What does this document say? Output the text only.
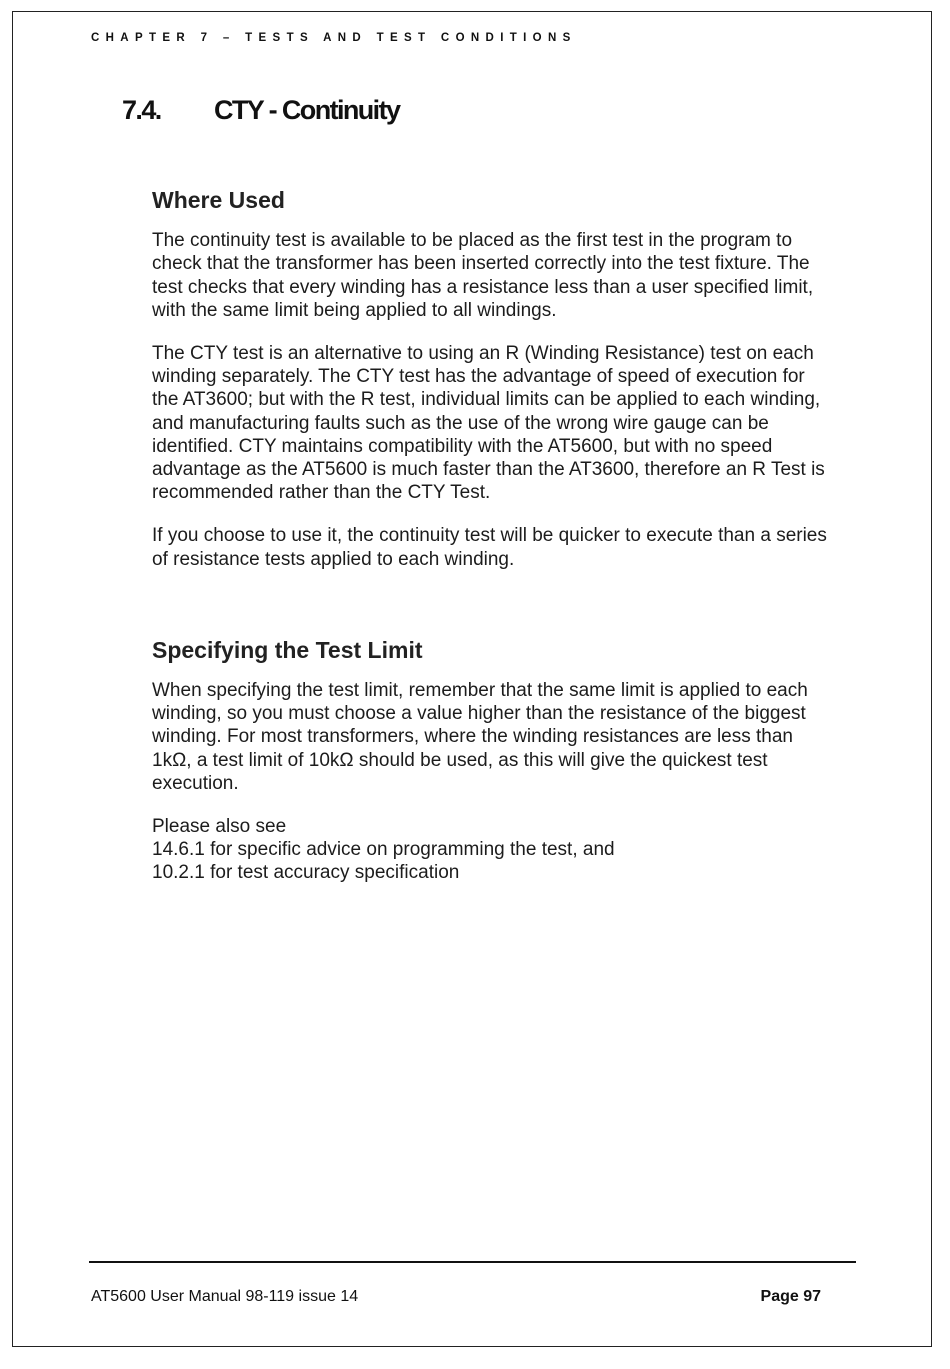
CHAPTER 7 – TESTS AND TEST CONDITIONS
7.4. CTY - Continuity
Where Used

The continuity test is available to be placed as the first test in the program to
check that the transformer has been inserted correctly into the test fixture. The
test checks that every winding has a resistance less than a user specified limit,
with the same limit being applied to all windings.

The CTY test is an alternative to using an R (Winding Resistance) test on each
winding separately. The CTY test has the advantage of speed of execution for
the AT3600; but with the R test, individual limits can be applied to each winding,
and manufacturing faults such as the use of the wrong wire gauge can be
identified. CTY maintains compatibility with the AT5600, but with no speed
advantage as the AT5600 is much faster than the AT3600, therefore an R Test is
recommended rather than the CTY Test.

If you choose to use it, the continuity test will be quicker to execute than a series
of resistance tests applied to each winding.

Specifying the Test Limit

When specifying the test limit, remember that the same limit is applied to each
winding, so you must choose a value higher than the resistance of the biggest
winding. For most transformers, where the winding resistances are less than
1kΩ, a test limit of 10kΩ should be used, as this will give the quickest test
execution.

Please also see
14.6.1 for specific advice on programming the test, and
10.2.1 for test accuracy specification

AT5600 User Manual 98-119 issue 14	Page 97
